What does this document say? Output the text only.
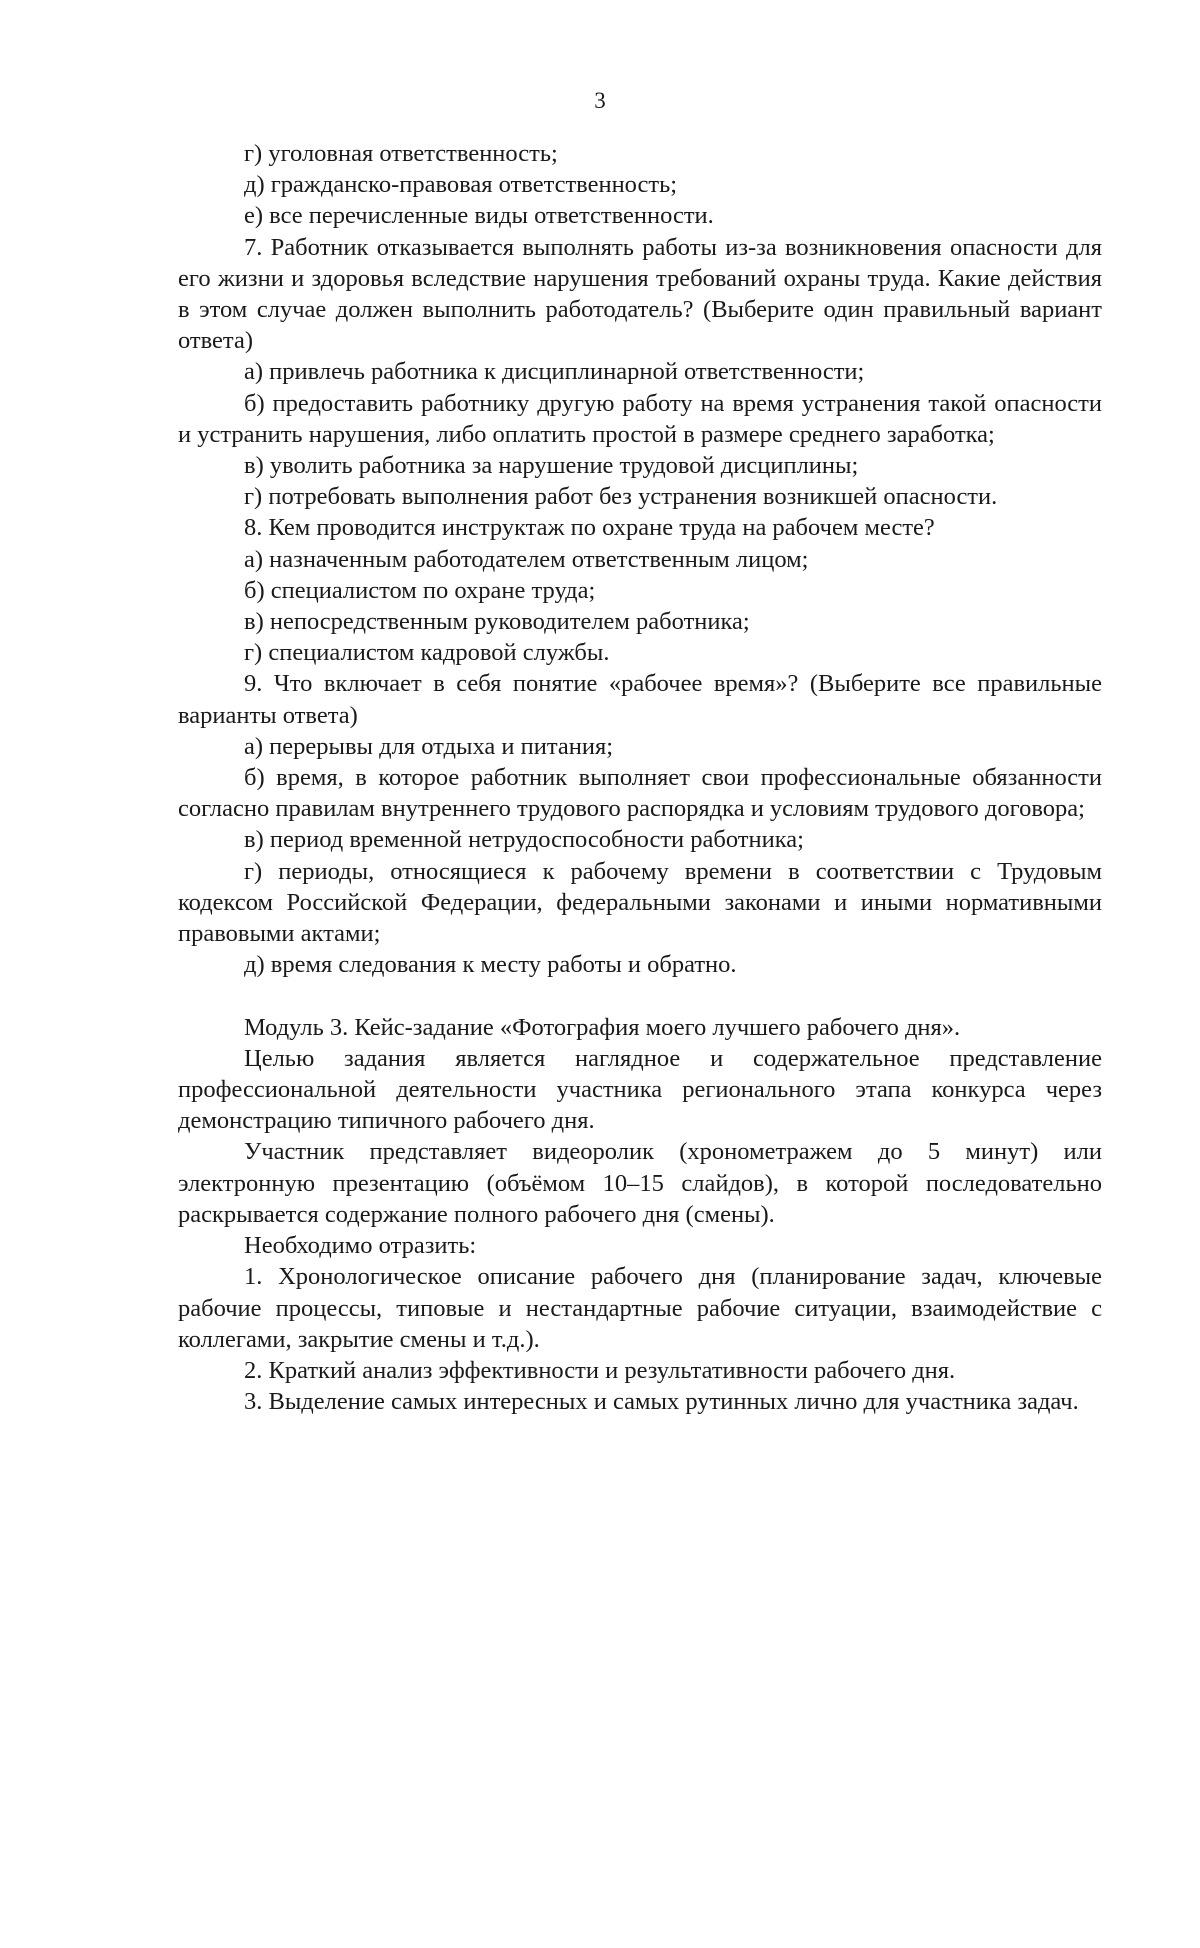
3

г) уголовная ответственность;

д) гражданско-правовая ответственность;

е) все перечисленные виды ответственности.

7. Работник отказывается выполнять работы из-за возникновения опасности для его жизни и здоровья вследствие нарушения требований охраны труда. Какие действия в этом случае должен выполнить работодатель? (Выберите один правильный вариант ответа)

а) привлечь работника к дисциплинарной ответственности;

б) предоставить работнику другую работу на время устранения такой опасности и устранить нарушения, либо оплатить простой в размере среднего заработка;

в) уволить работника за нарушение трудовой дисциплины;

г) потребовать выполнения работ без устранения возникшей опасности.

8. Кем проводится инструктаж по охране труда на рабочем месте?

а) назначенным работодателем ответственным лицом;

б) специалистом по охране труда;

в) непосредственным руководителем работника;

г) специалистом кадровой службы.

9. Что включает в себя понятие «рабочее время»? (Выберите все правильные варианты ответа)

а) перерывы для отдыха и питания;

б) время, в которое работник выполняет свои профессиональные обязанности согласно правилам внутреннего трудового распорядка и условиям трудового договора;

в) период временной нетрудоспособности работника;

г) периоды, относящиеся к рабочему времени в соответствии с Трудовым кодексом Российской Федерации, федеральными законами и иными нормативными правовыми актами;

д) время следования к месту работы и обратно.

Модуль 3. Кейс-задание «Фотография моего лучшего рабочего дня».

Целью задания является наглядное и содержательное представление профессиональной деятельности участника регионального этапа конкурса через демонстрацию типичного рабочего дня.

Участник представляет видеоролик (хронометражем до 5 минут) или электронную презентацию (объёмом 10–15 слайдов), в которой последовательно раскрывается содержание полного рабочего дня (смены).

Необходимо отразить:

1. Хронологическое описание рабочего дня (планирование задач, ключевые рабочие процессы, типовые и нестандартные рабочие ситуации, взаимодействие с коллегами, закрытие смены и т.д.).

2. Краткий анализ эффективности и результативности рабочего дня.

3. Выделение самых интересных и самых рутинных лично для участника задач.
